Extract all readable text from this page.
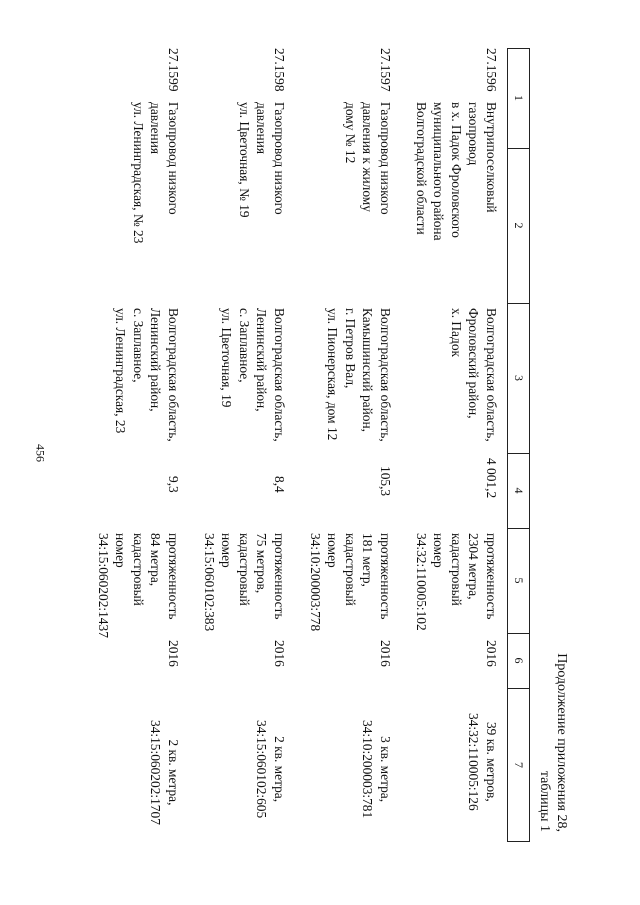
456
Продолжение приложения 28,
таблицы 1
1
2
3
4
5
6
7
27.1596
Внутрипоселковый
газопровод
в х. Падок Фроловского
муниципального района
Волгоградской области
Волгоградская область,
Фроловский район,
х. Падок
4 001,2
протяженность
2304 метра,
кадастровый
номер
34:32:110005:102
2016
39 кв. метров,
34:32:110005:126
27.1597
Газопровод низкого
давления к жилому
дому № 12
Волгоградская область,
Камышинский район,
г. Петров Вал,
ул. Пионерская, дом 12
105,3
протяженность
181 метр,
кадастровый
номер
34:10:200003:778
2016
3 кв. метра,
34:10:200003:781
27.1598
Газопровод низкого
давления
ул. Цветочная, № 19
Волгоградская область,
Ленинский район,
с. Заплавное,
ул. Цветочная, 19
8,4
протяженность
75 метров,
кадастровый
номер
34:15:060102:383
2016
2 кв. метра,
34:15:060102:605
27.1599
Газопровод низкого
давления
ул. Ленинградская, № 23
Волгоградская область,
Ленинский район,
с. Заплавное,
ул. Ленинградская, 23
9,3
протяженность
84 метра,
кадастровый
номер
34:15:060202:1437
2016
2 кв. метра,
34:15:060202:1707
